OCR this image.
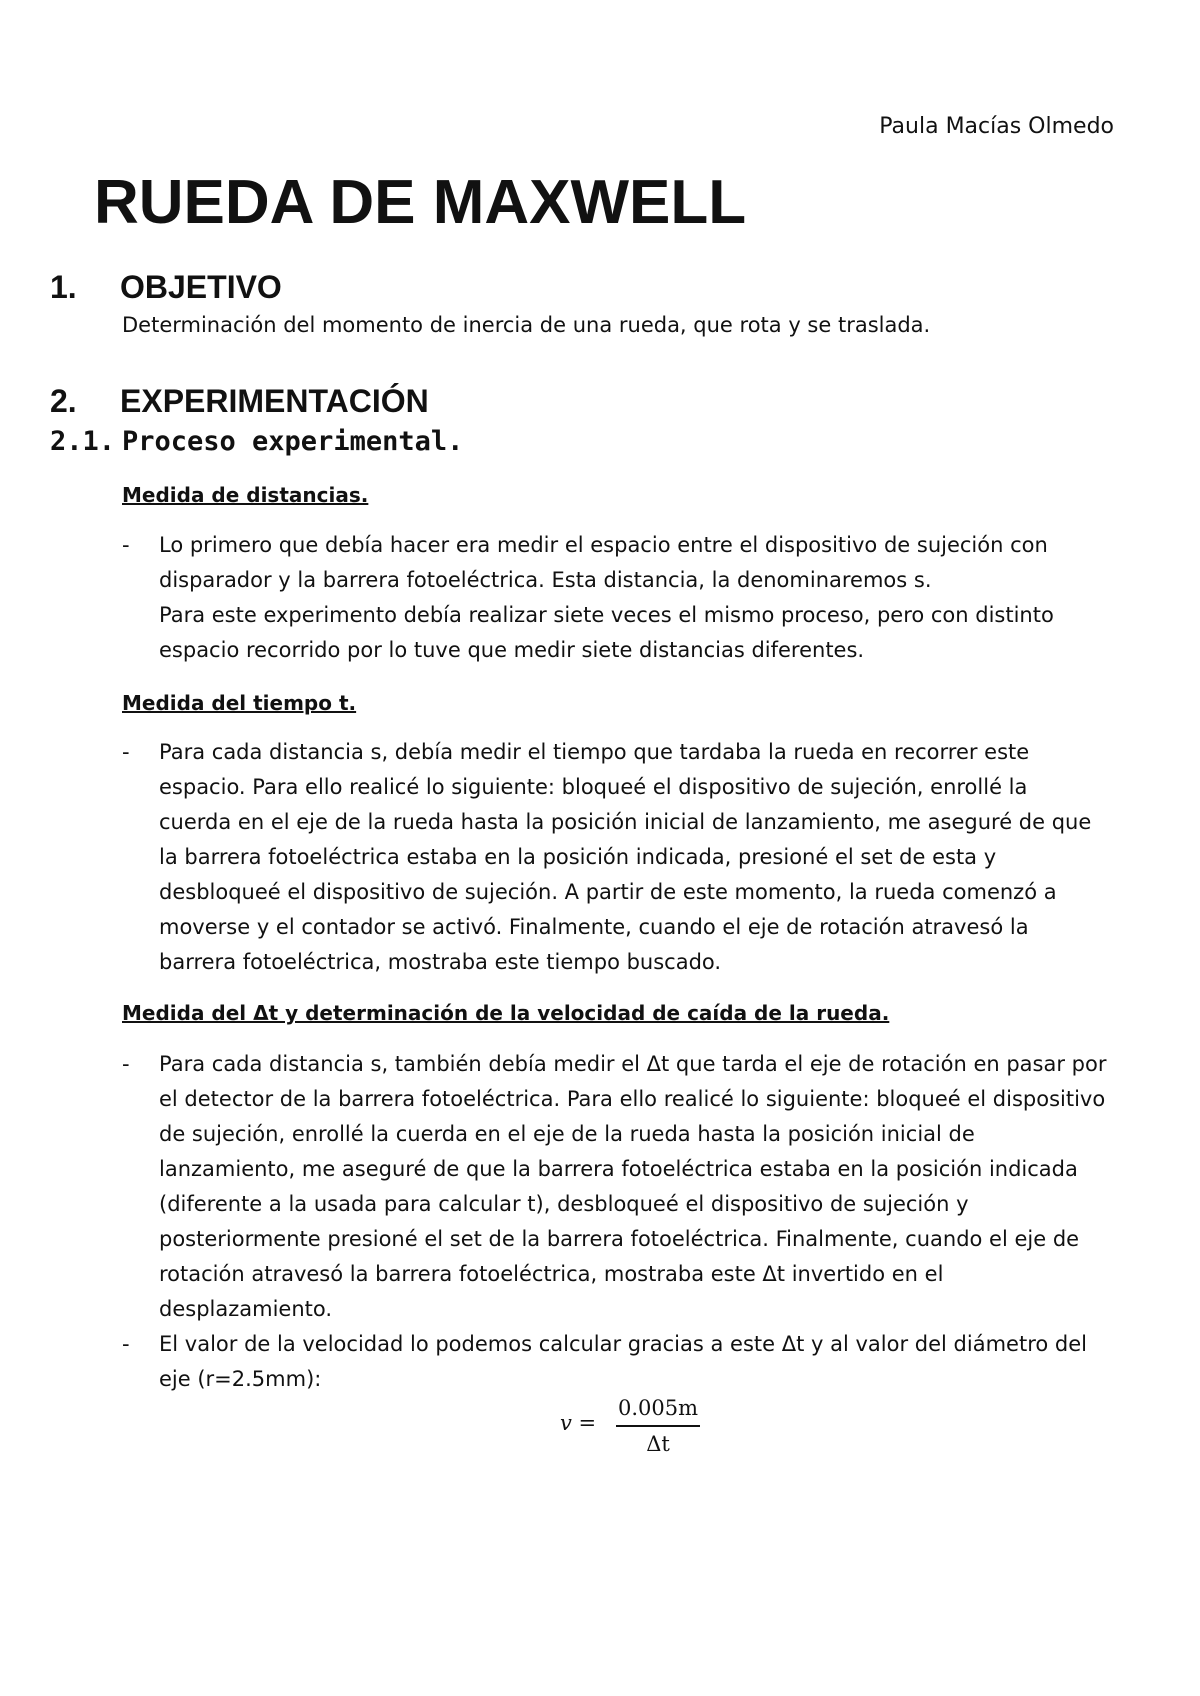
Paula Macías Olmedo
RUEDA DE MAXWELL
1. OBJETIVO
Determinación del momento de inercia de una rueda, que rota y se traslada.
2. EXPERIMENTACIÓN
2.1. Proceso experimental.
Medida de distancias.
-	Lo primero que debía hacer era medir el espacio entre el dispositivo de sujeción con
disparador y la barrera fotoeléctrica. Esta distancia, la denominaremos s.
Para este experimento debía realizar siete veces el mismo proceso, pero con distinto
espacio recorrido por lo tuve que medir siete distancias diferentes.
Medida del tiempo t.
-	Para cada distancia s, debía medir el tiempo que tardaba la rueda en recorrer este
espacio. Para ello realicé lo siguiente: bloqueé el dispositivo de sujeción, enrollé la
cuerda en el eje de la rueda hasta la posición inicial de lanzamiento, me aseguré de que
la barrera fotoeléctrica estaba en la posición indicada, presioné el set de esta y
desbloqueé el dispositivo de sujeción. A partir de este momento, la rueda comenzó a
moverse y el contador se activó. Finalmente, cuando el eje de rotación atravesó la
barrera fotoeléctrica, mostraba este tiempo buscado.
Medida del Δt y determinación de la velocidad de caída de la rueda.
-	Para cada distancia s, también debía medir el Δt que tarda el eje de rotación en pasar por
el detector de la barrera fotoeléctrica. Para ello realicé lo siguiente: bloqueé el dispositivo
de sujeción, enrollé la cuerda en el eje de la rueda hasta la posición inicial de
lanzamiento, me aseguré de que la barrera fotoeléctrica estaba en la posición indicada
(diferente a la usada para calcular t), desbloqueé el dispositivo de sujeción y
posteriormente presioné el set de la barrera fotoeléctrica. Finalmente, cuando el eje de
rotación atravesó la barrera fotoeléctrica, mostraba este Δt invertido en el
desplazamiento.
-	El valor de la velocidad lo podemos calcular gracias a este Δt y al valor del diámetro del
eje (r=2.5mm):
v =
0.005m
Δt
